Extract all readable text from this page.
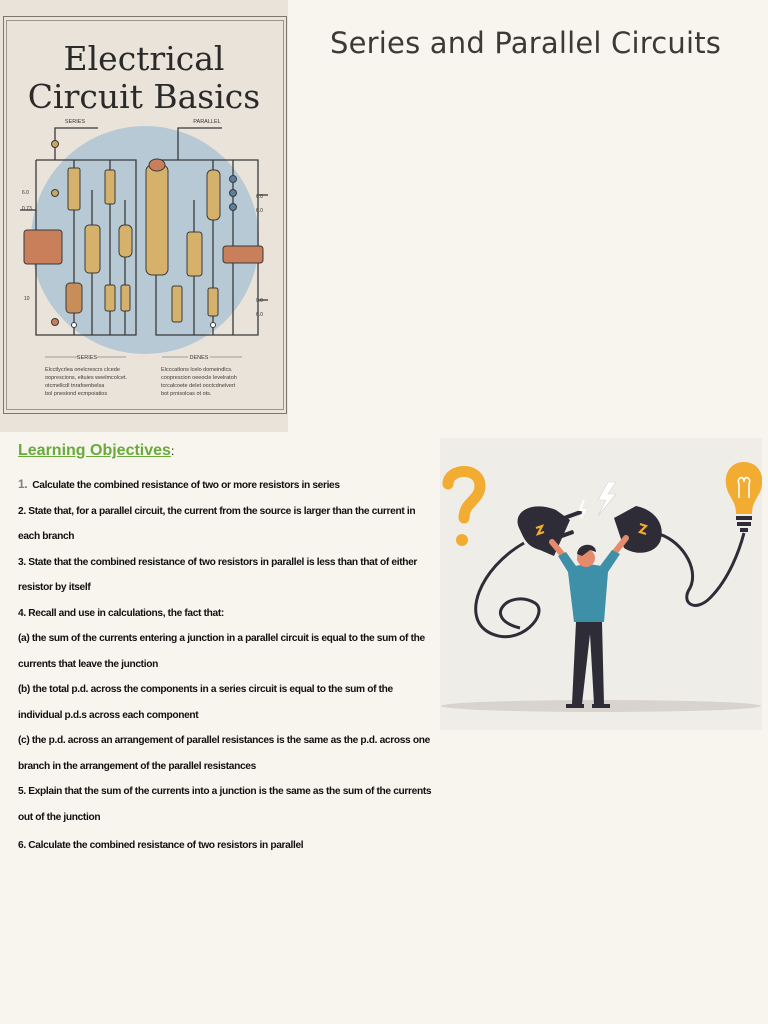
SERIES	PARALLEL
6.0
0.73.
10
6.0
6.0
0.0
6.0
SERIES	DENES
Electrical
Circuit Basics
Elcctlycrlea onelcrescrs clcede
ooprescions, eltuies weelmcolcet.
otcmellcdl tnrafoenbelsa
bol pneslond ecmpoiatios
Elcccatlons lcelo domeindlcs.
cooprescion oeeocle levelratoh
tcrcalcoete delet ooctcdnelvert
bot prnisolcas ot ots.
Series and Parallel Circuits
Learning Objectives :
1. Calculate the combined resistance of two or more resistors in series
2. State that, for a parallel circuit, the current from the source is larger than the current in
each branch
3. State that the combined resistance of two resistors in parallel is less than that of either
resistor by itself
4. Recall and use in calculations, the fact that:
(a) the sum of the currents entering a junction in a parallel circuit is equal to the sum of the
currents that leave the junction
(b) the total p.d. across the components in a series circuit is equal to the sum of the
individual p.d.s across each component
(c) the p.d. across an arrangement of parallel resistances is the same as the p.d. across one
branch in the arrangement of the parallel resistances
5. Explain that the sum of the currents into a junction is the same as the sum of the currents
out of the junction
6. Calculate the combined resistance of two resistors in parallel
